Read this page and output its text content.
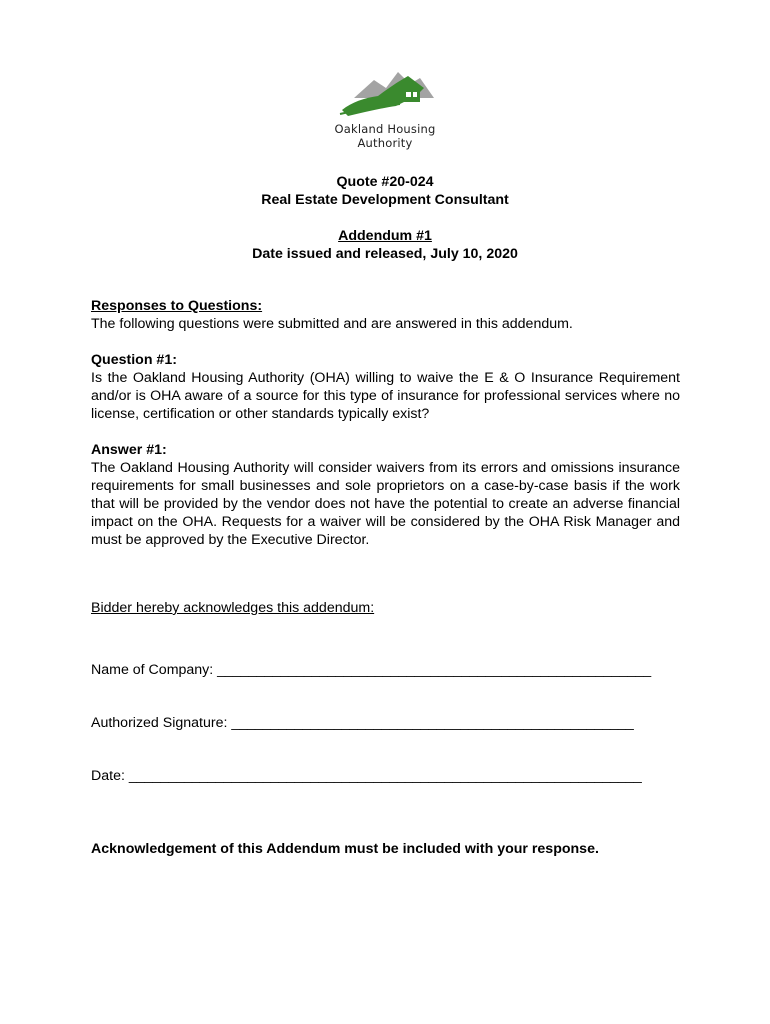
Oakland Housing
Authority
Quote #20-024
Real Estate Development Consultant
Addendum #1
Date issued and released, July 10, 2020
Responses to Questions:
The following questions were submitted and are answered in this addendum.
Question #1:
Is the Oakland Housing Authority (OHA) willing to waive the E & O Insurance Requirement and/or is OHA aware of a source for this type of insurance for professional services where no license, certification or other standards typically exist?
Answer #1:
The Oakland Housing Authority will consider waivers from its errors and omissions insurance requirements for small businesses and sole proprietors on a case-by-case basis if the work that will be provided by the vendor does not have the potential to create an adverse financial impact on the OHA. Requests for a waiver will be considered by the OHA Risk Manager and must be approved by the Executive Director.
Bidder hereby acknowledges this addendum:
Name of Company: _______________________________________________________
Authorized Signature: ___________________________________________________
Date: _________________________________________________________________
Acknowledgement of this Addendum must be included with your response.
